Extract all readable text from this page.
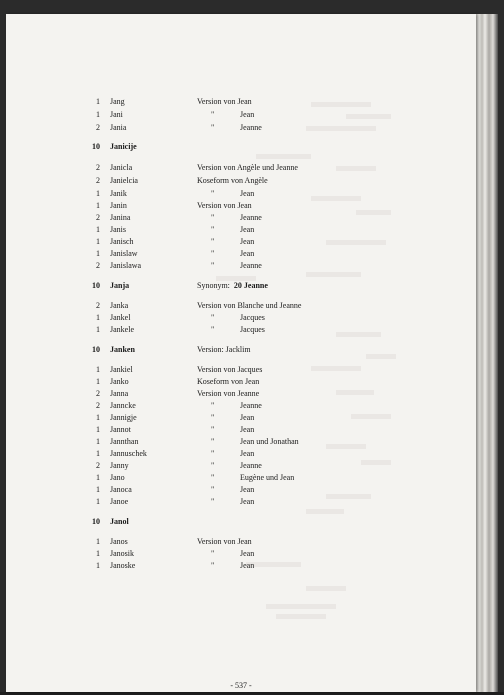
1 Jang	Version von Jean
1 Jani	"	Jean
2 Jania	"	Jeanne
10 Janicije
2 Janicla	Version von Angèle und Jeanne
2 Janielcia	Koseform von Angèle
1 Janik	"	Jean
1 Janin	Version von Jean
2 Janina	"	Jeanne
1 Janis	"	Jean
1 Janisch	"	Jean
1 Janislaw	"	Jean
2 Janislawa	"	Jeanne
10 Janja	Synonym: 20 Jeanne
2 Janka	Version von Blanche und Jeanne
1 Jankel	"	Jacques
1 Jankele	"	Jacques
10 Janken	Version: Jacklim
1 Jankiel	Version von Jacques
1 Janko	Koseform von Jean
2 Janna	Version von Jeanne
2 Janncke	"	Jeanne
1 Jannigje	"	Jean
1 Jannot	"	Jean
1 Jannthan	"	Jean und Jonathan
1 Jannuschek	"	Jean
2 Janny	"	Jeanne
1 Jano	"	Eugène und Jean
1 Janoca	"	Jean
1 Janoe	"	Jean
10 Janol
1 Janos	Version von Jean
1 Janosik	"	Jean
1 Janoske	"	Jean
- 537 -
